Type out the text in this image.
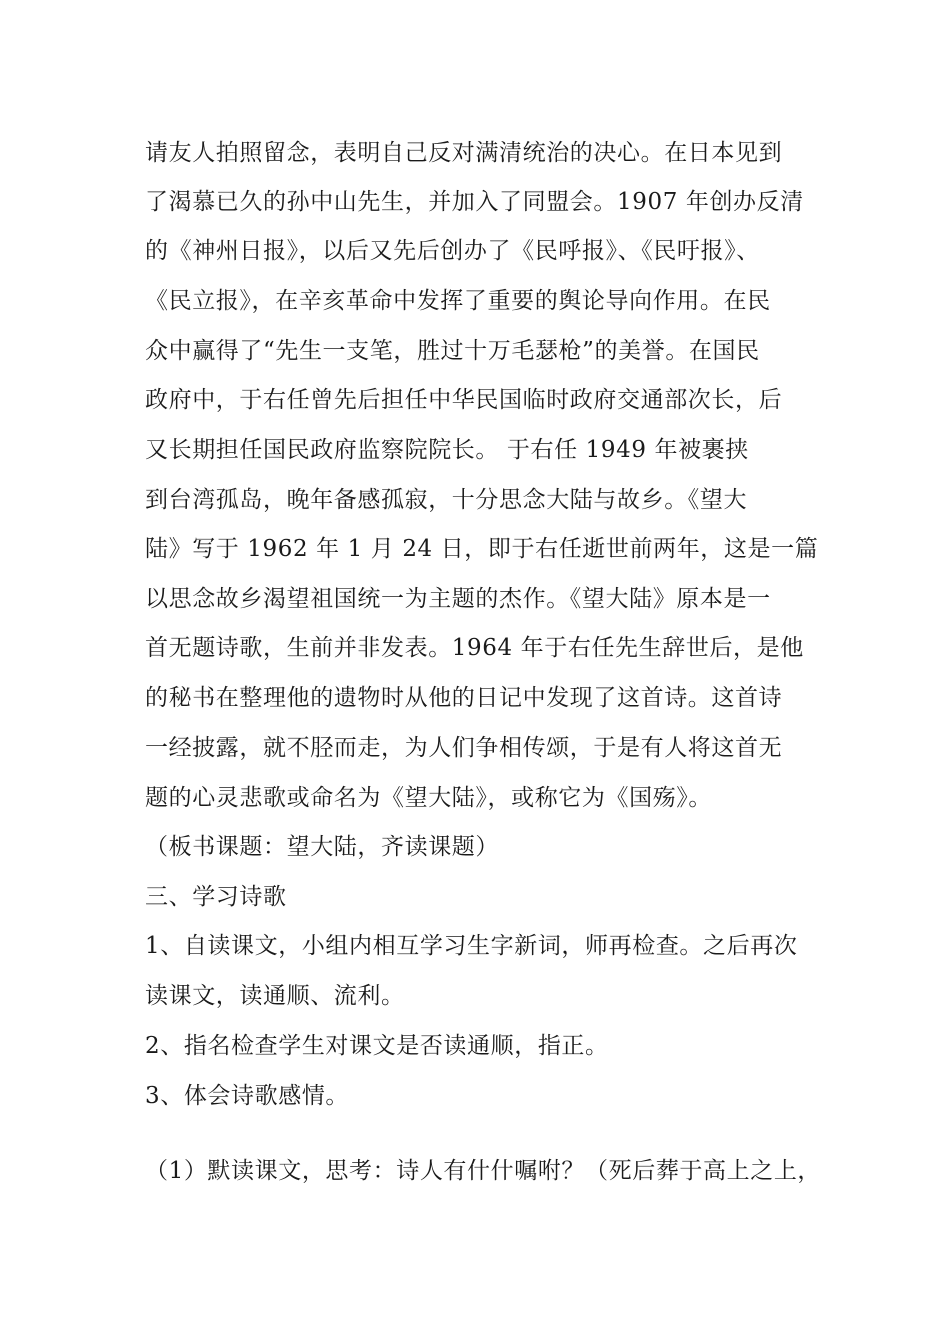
请友人拍照留念，表明自己反对满清统治的决心。在日本见到

了渴慕已久的孙中山先生，并加入了同盟会。1907 年创办反清

的《神州日报》，以后又先后创办了《民呼报》、《民吁报》、

《民立报》，在辛亥革命中发挥了重要的舆论导向作用。在民

众中赢得了“先生一支笔，胜过十万毛瑟枪”的美誉。在国民

政府中，于右任曾先后担任中华民国临时政府交通部次长，后

又长期担任国民政府监察院院长。 于右任 1949 年被裹挟

到台湾孤岛，晚年备感孤寂，十分思念大陆与故乡。《望大

陆》写于 1962 年 1 月 24 日，即于右任逝世前两年，这是一篇

以思念故乡渴望祖国统一为主题的杰作。《望大陆》原本是一

首无题诗歌，生前并非发表。1964 年于右任先生辞世后，是他

的秘书在整理他的遗物时从他的日记中发现了这首诗。这首诗

一经披露，就不胫而走，为人们争相传颂，于是有人将这首无

题的心灵悲歌或命名为《望大陆》，或称它为《国殇》。

（板书课题：望大陆，齐读课题）

三、学习诗歌

1、自读课文，小组内相互学习生字新词，师再检查。之后再次

读课文，读通顺、流利。

2、指名检查学生对课文是否读通顺，指正。

3、体会诗歌感情。

（1）默读课文，思考：诗人有什什嘱咐？（死后葬于高上之上，
